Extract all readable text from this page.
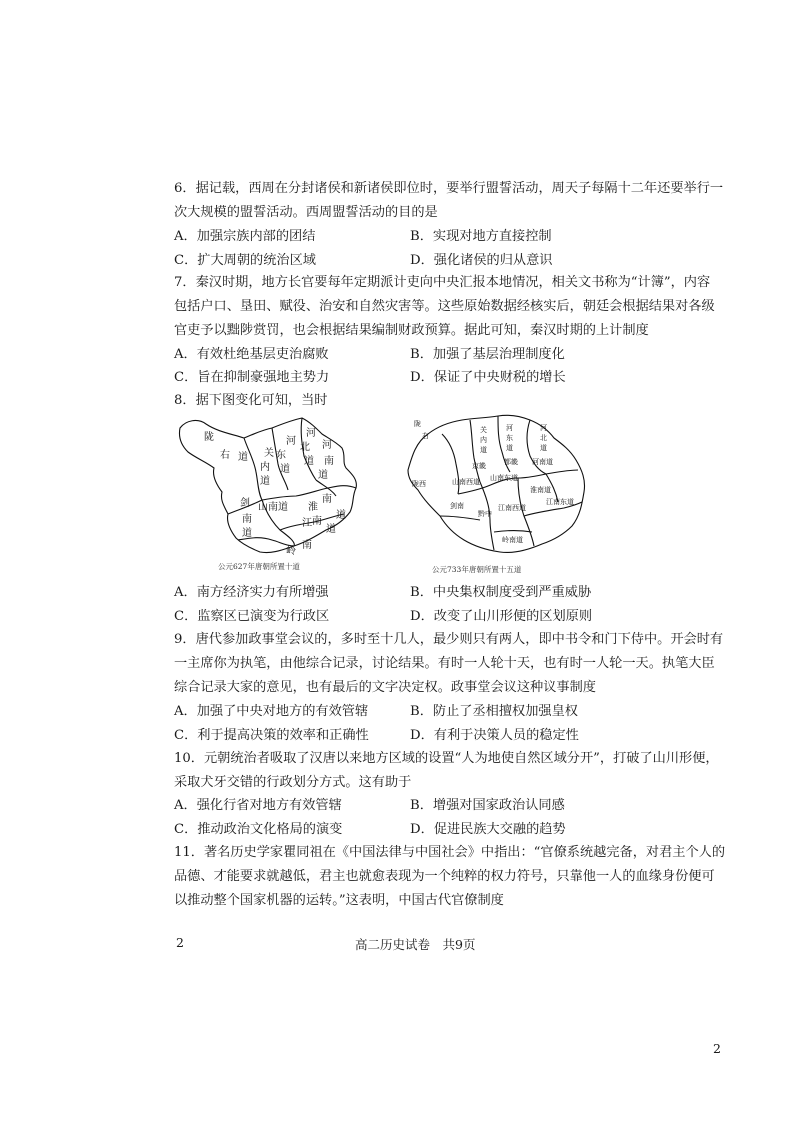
6．据记载，西周在分封诸侯和新诸侯即位时，要举行盟誓活动，周天子每隔十二年还要举行一
次大规模的盟誓活动。西周盟誓活动的目的是
A．加强宗族内部的团结	B．实现对地方直接控制
C．扩大周朝的统治区域	D．强化诸侯的归从意识
7．秦汉时期，地方长官要每年定期派计吏向中央汇报本地情况，相关文书称为“计簿”，内容
包括户口、垦田、赋役、治安和自然灾害等。这些原始数据经核实后，朝廷会根据结果对各级
官吏予以黜陟赏罚，也会根据结果编制财政预算。据此可知，秦汉时期的上计制度
A．有效杜绝基层吏治腐败	B．加强了基层治理制度化
C．旨在抑制豪强地主势力	D．保证了中央财税的增长
8．据下图变化可知，当时
陇
右 道 关
内
道
河
东
道
河
北
道
河
南
道
山南道 淮
南
道
剑
南
道
江 南
道
岭
南
公元627年唐朝所置十道
陇
右
关
内
道
河
东
道
河
北
道
京畿	都畿 河南道
山南西道 山南东道
淮南道
剑南
黔中
江南西道
江南东道
岭南道
陇西
公元733年唐朝所置十五道
A．南方经济实力有所增强	B．中央集权制度受到严重威胁
C．监察区已演变为行政区	D．改变了山川形便的区划原则
9．唐代参加政事堂会议的，多时至十几人，最少则只有两人，即中书令和门下侍中。开会时有
一主席你为执笔，由他综合记录，讨论结果。有时一人轮十天，也有时一人轮一天。执笔大臣
综合记录大家的意见，也有最后的文字决定权。政事堂会议这种议事制度
A．加强了中央对地方的有效管辖	B．防止了丞相擅权加强皇权
C．利于提高决策的效率和正确性	D．有利于决策人员的稳定性
10．元朝统治者吸取了汉唐以来地方区域的设置“人为地使自然区域分开”，打破了山川形便，
采取犬牙交错的行政划分方式。这有助于
A．强化行省对地方有效管辖	B．增强对国家政治认同感
C．推动政治文化格局的演变	D．促进民族大交融的趋势
11．著名历史学家瞿同祖在《中国法律与中国社会》中指出：“官僚系统越完备，对君主个人的
品德、才能要求就越低，君主也就愈表现为一个纯粹的权力符号，只靠他一人的血缘身份便可
以推动整个国家机器的运转。”这表明，中国古代官僚制度
2	高二历史试卷　共9页
2
